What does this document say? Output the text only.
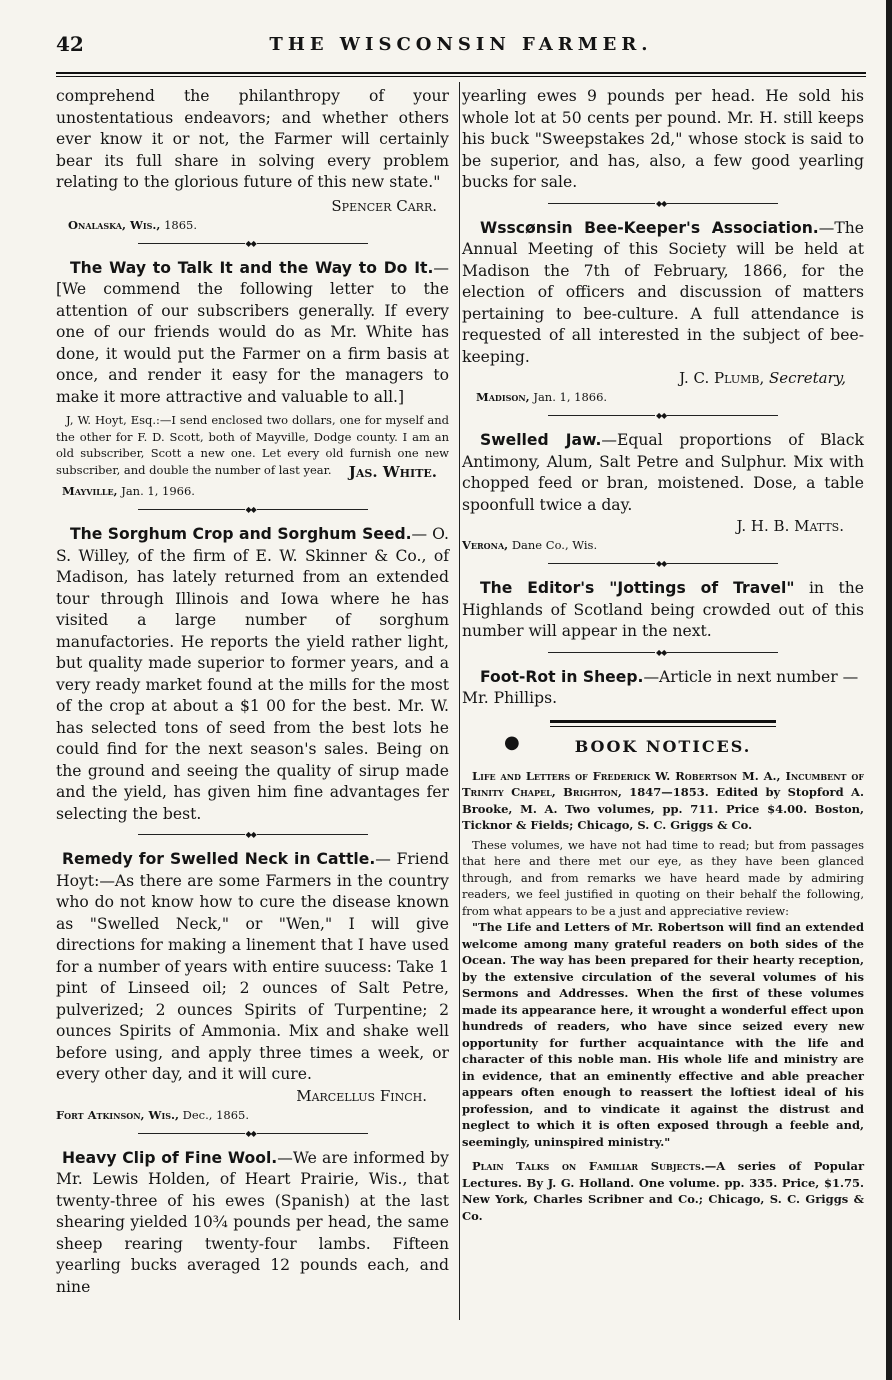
42	THE WISCONSIN FARMER.

comprehend the philanthropy of your unostentatious endeavors; and whether others ever know it or not, the Farmer will certainly bear its full share in solving every problem relating to the glorious future of this new state."

Spencer Carr.

Onalaska, Wis., 1865.

◆◆

The Way to Talk It and the Way to Do It.—[We commend the following letter to the attention of our subscribers generally. If every one of our friends would do as Mr. White has done, it would put the Farmer on a firm basis at once, and render it easy for the managers to make it more attractive and valuable to all.]

J, W. Hoyt, Esq.:—I send enclosed two dollars, one for myself and the other for F. D. Scott, both of Mayville, Dodge county. I am an old subscriber, Scott a new one. Let every old furnish one new subscriber, and double the number of last year.	Jas. White.

Mayville, Jan. 1, 1966.

◆◆

The Sorghum Crop and Sorghum Seed.— O. S. Willey, of the firm of E. W. Skinner & Co., of Madison, has lately returned from an extended tour through Illinois and Iowa where he has visited a large number of sorghum manufactories. He reports the yield rather light, but quality made superior to former years, and a very ready market found at the mills for the most of the crop at about a $1 00 for the best. Mr. W. has selected tons of seed from the best lots he could find for the next season's sales. Being on the ground and seeing the quality of sirup made and the yield, has given him fine advantages fer selecting the best.

◆◆

Remedy for Swelled Neck in Cattle.— Friend Hoyt:—As there are some Farmers in the country who do not know how to cure the disease known as "Swelled Neck," or "Wen," I will give directions for making a linement that I have used for a number of years with entire suucess: Take 1 pint of Linseed oil; 2 ounces of Salt Petre, pulverized; 2 ounces Spirits of Turpentine; 2 ounces Spirits of Ammonia. Mix and shake well before using, and apply three times a week, or every other day, and it will cure.

Marcellus Finch.

Fort Atkinson, Wis., Dec., 1865.

◆◆

Heavy Clip of Fine Wool.—We are informed by Mr. Lewis Holden, of Heart Prairie, Wis., that twenty-three of his ewes (Spanish) at the last shearing yielded 10¾ pounds per head, the same sheep rearing twenty-four lambs. Fifteen yearling bucks averaged 12 pounds each, and nine

yearling ewes 9 pounds per head. He sold his whole lot at 50 cents per pound. Mr. H. still keeps his buck "Sweepstakes 2d," whose stock is said to be superior, and has, also, a few good yearling bucks for sale.

◆◆

Wsscønsin Bee-Keeper's Association.—The Annual Meeting of this Society will be held at Madison the 7th of February, 1866, for the election of officers and discussion of matters pertaining to bee-culture. A full attendance is requested of all interested in the subject of bee-keeping.

J. C. Plumb, Secretary,

Madison, Jan. 1, 1866.

◆◆

Swelled Jaw.—Equal proportions of Black Antimony, Alum, Salt Petre and Sulphur. Mix with chopped feed or bran, moistened. Dose, a table spoonfull twice a day.

J. H. B. Matts.

Verona, Dane Co., Wis.

◆◆

The Editor's "Jottings of Travel" in the Highlands of Scotland being crowded out of this number will appear in the next.

◆◆

Foot-Rot in Sheep.—Article in next number —Mr. Phillips.

●	BOOK NOTICES.

Life and Letters of Frederick W. Robertson M. A., Incumbent of Trinity Chapel, Brighton, 1847—1853. Edited by Stopford A. Brooke, M. A. Two volumes, pp. 711. Price $4.00. Boston, Ticknor & Fields; Chicago, S. C. Griggs & Co.

These volumes, we have not had time to read; but from passages that here and there met our eye, as they have been glanced through, and from remarks we have heard made by admiring readers, we feel justified in quoting on their behalf the following, from what appears to be a just and appreciative review:

"The Life and Letters of Mr. Robertson will find an extended welcome among many grateful readers on both sides of the Ocean. The way has been prepared for their hearty reception, by the extensive circulation of the several volumes of his Sermons and Addresses. When the first of these volumes made its appearance here, it wrought a wonderful effect upon hundreds of readers, who have since seized every new opportunity for further acquaintance with the life and character of this noble man. His whole life and ministry are in evidence, that an eminently effective and able preacher appears often enough to reassert the loftiest ideal of his profession, and to vindicate it against the distrust and neglect to which it is often exposed through a feeble and, seemingly, uninspired ministry."

Plain Talks on Familiar Subjects.—A series of Popular Lectures. By J. G. Holland. One volume. pp. 335. Price, $1.75. New York, Charles Scribner and Co.; Chicago, S. C. Griggs & Co.
